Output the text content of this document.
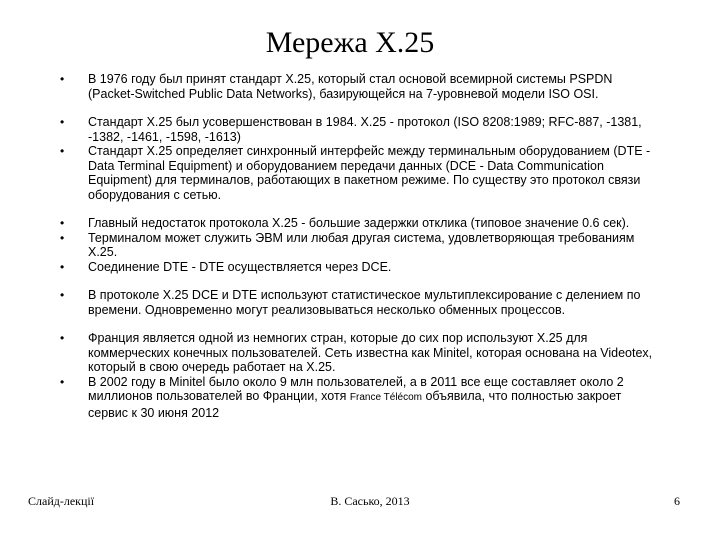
Мережа X.25
• В 1976 году был принят стандарт X.25, который стал основой всемирной системы PSPDN (Packet-Switched Public Data Networks), базирующейся на 7-уровневой модели ISO OSI.
• Стандарт X.25 был усовершенствован в 1984. X.25 - протокол (ISO 8208:1989; RFC-887, -1381, -1382, -1461, -1598, -1613)
• Стандарт X.25 определяет синхронный интерфейс между терминальным оборудованием (DTE - Data Terminal Equipment) и оборудованием передачи данных (DCE - Data Communication Equipment) для терминалов, работающих в пакетном режиме. По существу это протокол связи оборудования с сетью.
• Главный недостаток протокола X.25 - большие задержки отклика (типовое значение 0.6 сек).
• Терминалом может служить ЭВМ или любая другая система, удовлетворяющая требованиям X.25.
• Соединение DTE - DTE осуществляется через DCE.
• В протоколе X.25 DCE и DTE используют статистическое мультиплексирование с делением по времени. Одновременно могут реализовываться несколько обменных процессов.
• Франция является одной из немногих стран, которые до сих пор используют X.25 для коммерческих конечных пользователей. Сеть известна как Minitel, которая основана на Videotex, который в свою очередь работает на X.25.
• В 2002 году в Minitel было около 9 млн пользователей, а в 2011 все еще составляет около 2 миллионов пользователей во Франции, хотя France Télécom объявила, что полностью закроет сервис к 30 июня 2012
Слайд-лекції	В. Сасько, 2013	6
